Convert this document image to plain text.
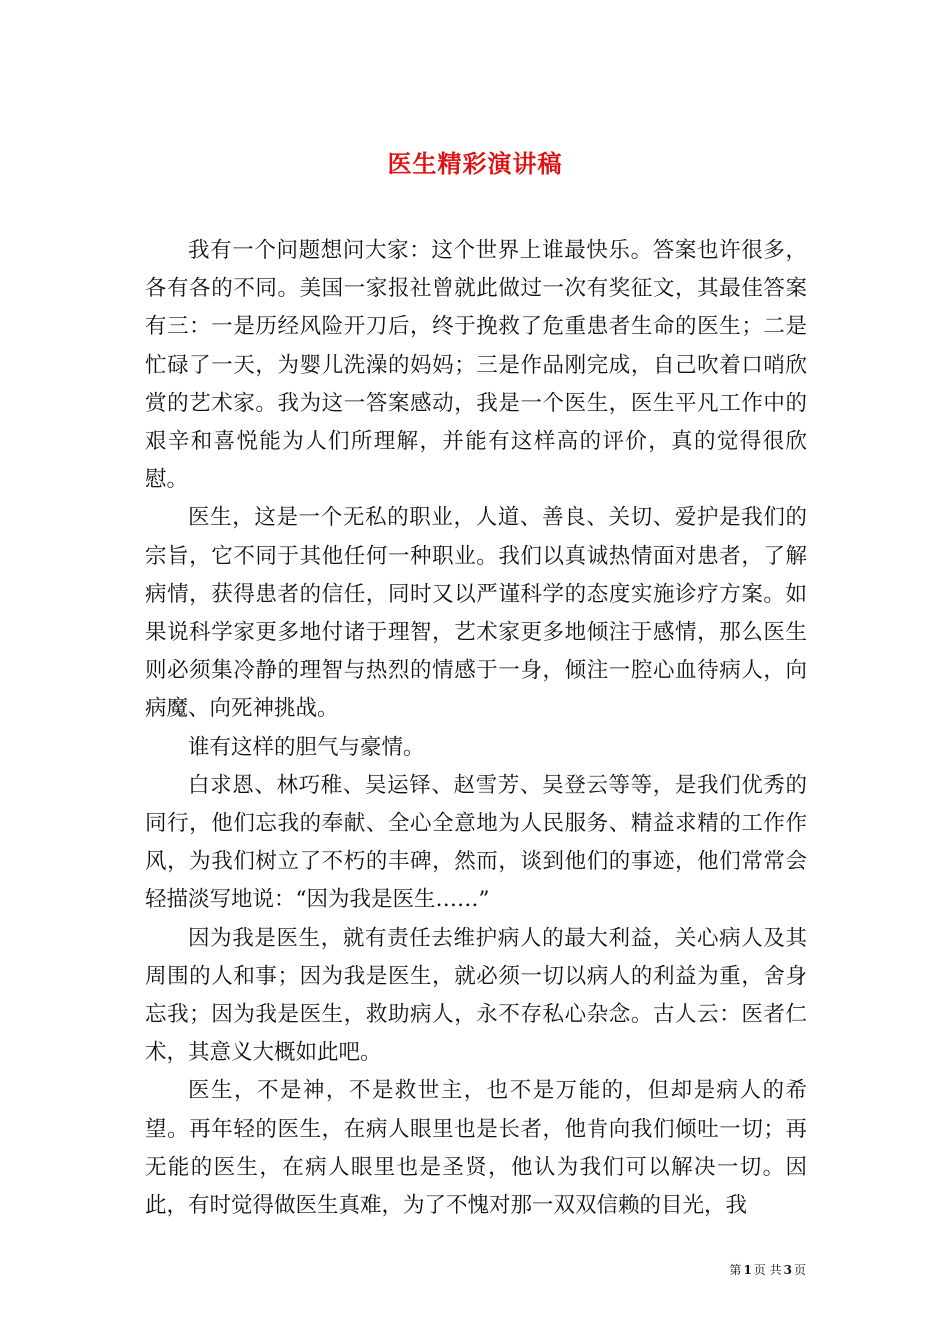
医生精彩演讲稿

我有一个问题想问大家：这个世界上谁最快乐。答案也许很多，各有各的不同。美国一家报社曾就此做过一次有奖征文，其最佳答案有三：一是历经风险开刀后，终于挽救了危重患者生命的医生；二是忙碌了一天，为婴儿洗澡的妈妈；三是作品刚完成，自己吹着口哨欣赏的艺术家。我为这一答案感动，我是一个医生，医生平凡工作中的艰辛和喜悦能为人们所理解，并能有这样高的评价，真的觉得很欣慰。

医生，这是一个无私的职业，人道、善良、关切、爱护是我们的宗旨，它不同于其他任何一种职业。我们以真诚热情面对患者，了解病情，获得患者的信任，同时又以严谨科学的态度实施诊疗方案。如果说科学家更多地付诸于理智，艺术家更多地倾注于感情，那么医生则必须集冷静的理智与热烈的情感于一身，倾注一腔心血待病人，向病魔、向死神挑战。

谁有这样的胆气与豪情。

白求恩、林巧稚、吴运铎、赵雪芳、吴登云等等，是我们优秀的同行，他们忘我的奉献、全心全意地为人民服务、精益求精的工作作风，为我们树立了不朽的丰碑，然而，谈到他们的事迹，他们常常会轻描淡写地说：“因为我是医生……”

因为我是医生，就有责任去维护病人的最大利益，关心病人及其周围的人和事；因为我是医生，就必须一切以病人的利益为重，舍身忘我；因为我是医生，救助病人，永不存私心杂念。古人云：医者仁术，其意义大概如此吧。

医生，不是神，不是救世主，也不是万能的，但却是病人的希望。再年轻的医生，在病人眼里也是长者，他肯向我们倾吐一切；再无能的医生，在病人眼里也是圣贤，他认为我们可以解决一切。因此，有时觉得做医生真难，为了不愧对那一双双信赖的目光，我

第 1 页 共 3 页
